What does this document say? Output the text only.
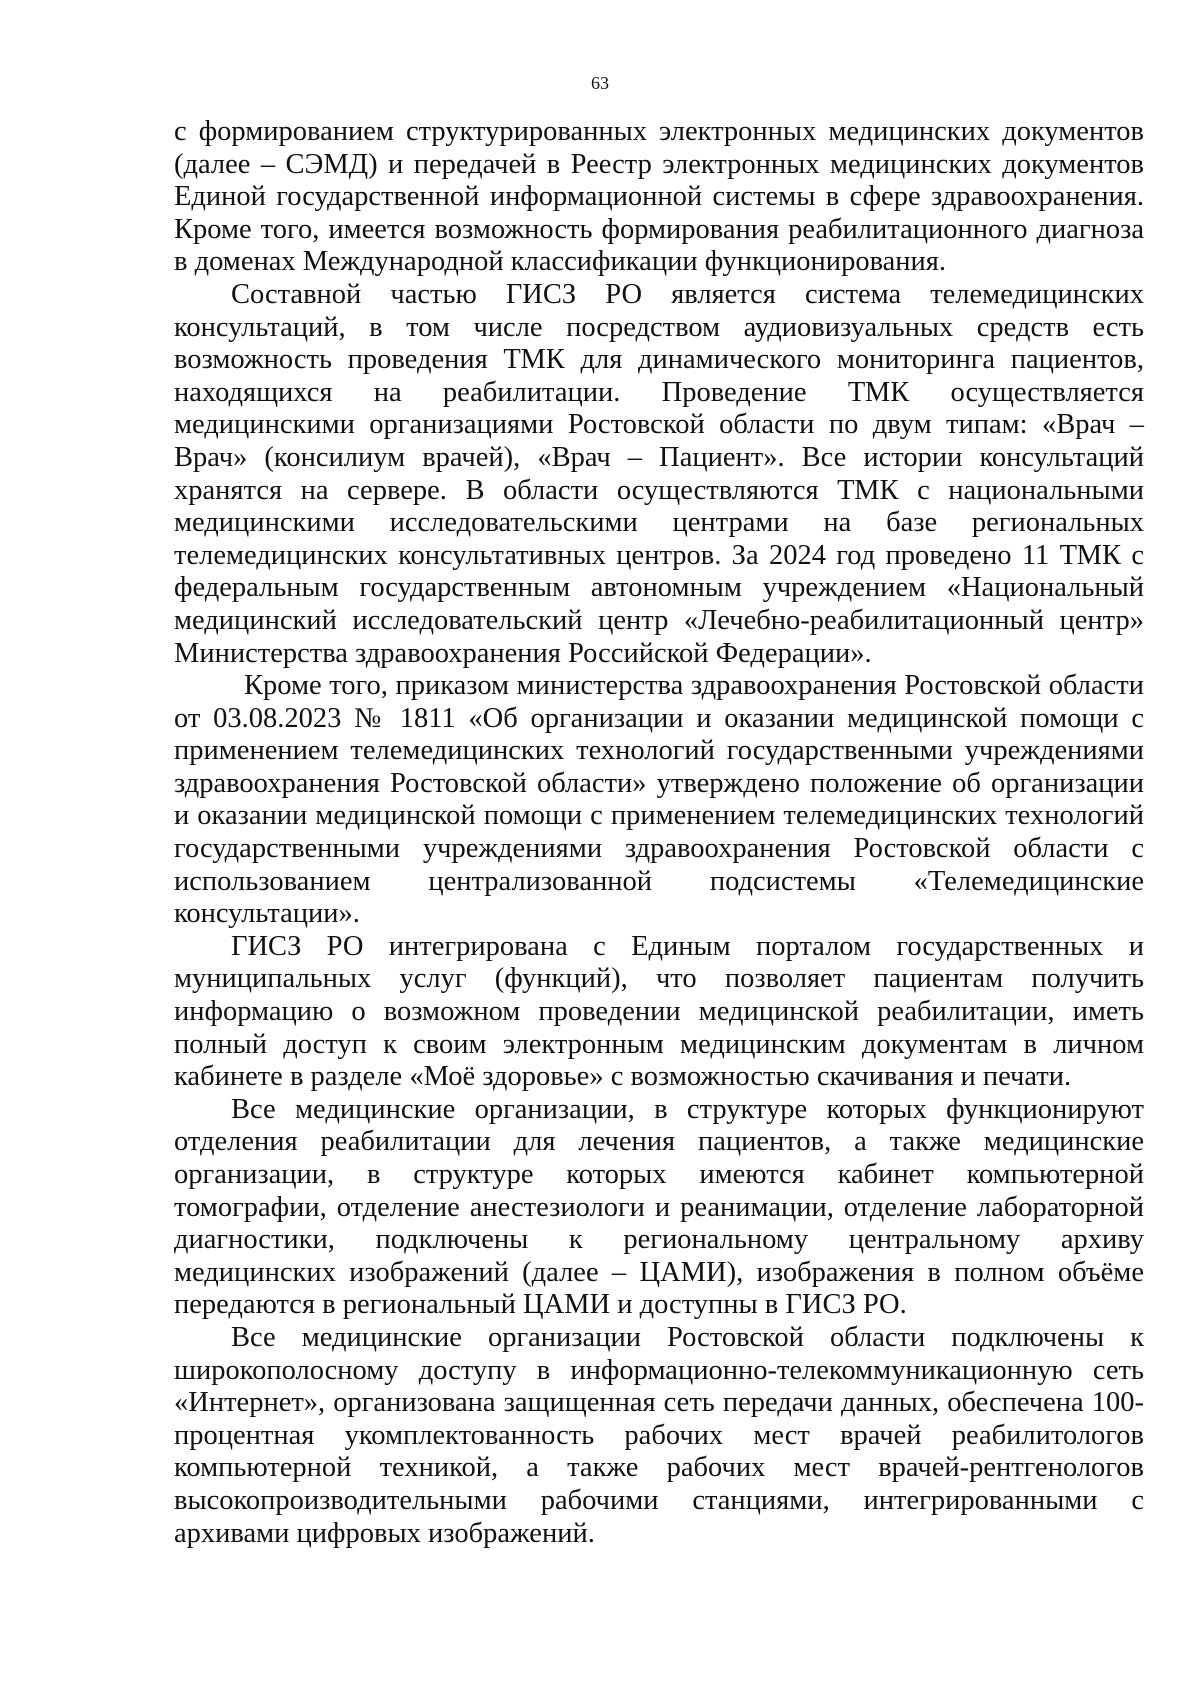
63

с формированием структурированных электронных медицинских документов (далее – СЭМД) и передачей в Реестр электронных медицинских документов Единой государственной информационной системы в сфере здравоохранения. Кроме того, имеется возможность формирования реабилитационного диагноза в доменах Международной классификации функционирования.

Составной частью ГИСЗ РО является система телемедицинских консультаций, в том числе посредством аудиовизуальных средств есть возможность проведения ТМК для динамического мониторинга пациентов, находящихся на реабилитации. Проведение ТМК осуществляется медицинскими организациями Ростовской области по двум типам: «Врач – Врач» (консилиум врачей), «Врач – Пациент». Все истории консультаций хранятся на сервере. В области осуществляются ТМК с национальными медицинскими исследовательскими центрами на базе региональных телемедицинских консультативных центров. За 2024 год проведено 11 ТМК с федеральным государственным автономным учреждением «Национальный медицинский исследовательский центр «Лечебно-реабилитационный центр» Министерства здравоохранения Российской Федерации».

Кроме того, приказом министерства здравоохранения Ростовской области от 03.08.2023 № 1811 «Об организации и оказании медицинской помощи с применением телемедицинских технологий государственными учреждениями здравоохранения Ростовской области» утверждено положение об организации и оказании медицинской помощи с применением телемедицинских технологий государственными учреждениями здравоохранения Ростовской области с использованием централизованной подсистемы «Телемедицинские консультации».

ГИСЗ РО интегрирована с Единым порталом государственных и муниципальных услуг (функций), что позволяет пациентам получить информацию о возможном проведении медицинской реабилитации, иметь полный доступ к своим электронным медицинским документам в личном кабинете в разделе «Моё здоровье» с возможностью скачивания и печати.

Все медицинские организации, в структуре которых функционируют отделения реабилитации для лечения пациентов, а также медицинские организации, в структуре которых имеются кабинет компьютерной томографии, отделение анестезиологи и реанимации, отделение лабораторной диагностики, подключены к региональному центральному архиву медицинских изображений (далее – ЦАМИ), изображения в полном объёме передаются в региональный ЦАМИ и доступны в ГИСЗ РО.

Все медицинские организации Ростовской области подключены к широкополосному доступу в информационно-телекоммуникационную сеть «Интернет», организована защищенная сеть передачи данных, обеспечена 100-процентная укомплектованность рабочих мест врачей реабилитологов компьютерной техникой, а также рабочих мест врачей-рентгенологов высокопроизводительными рабочими станциями, интегрированными с архивами цифровых изображений.
